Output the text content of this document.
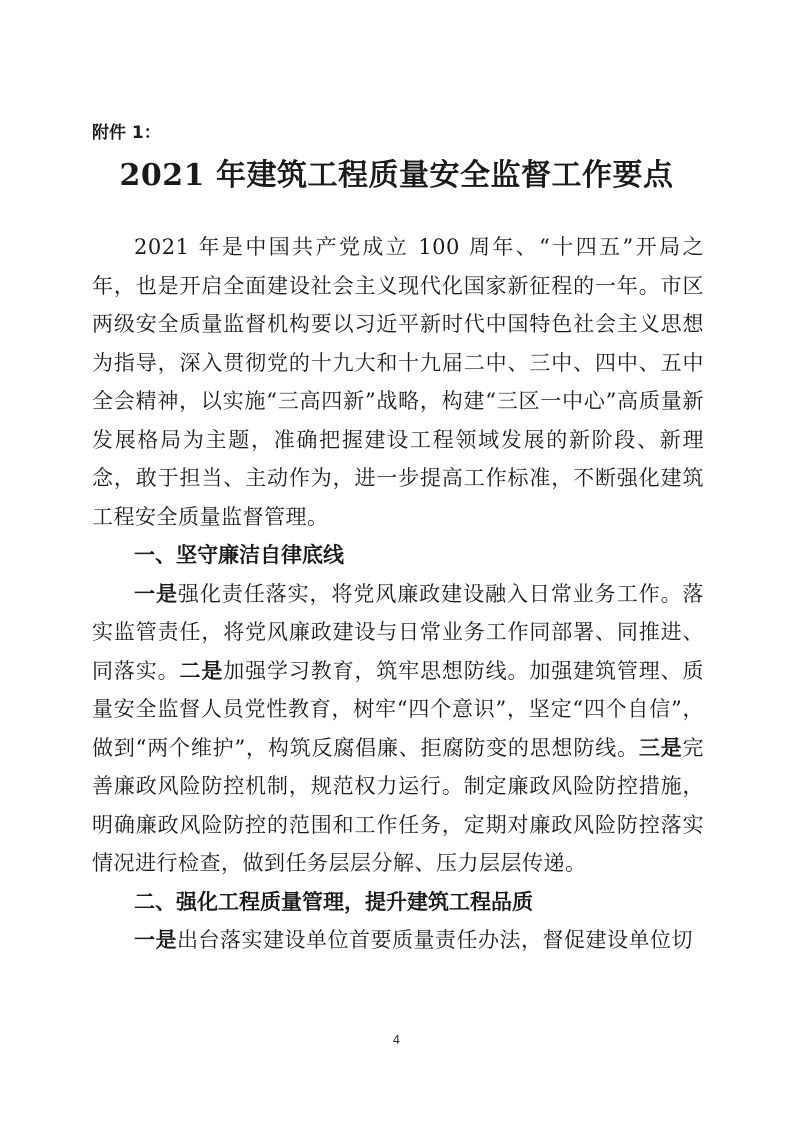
附件 1：
2021 年建筑工程质量安全监督工作要点

2021 年是中国共产党成立 100 周年、“十四五”开局之年，也是开启全面建设社会主义现代化国家新征程的一年。市区两级安全质量监督机构要以习近平新时代中国特色社会主义思想为指导，深入贯彻党的十九大和十九届二中、三中、四中、五中全会精神，以实施“三高四新”战略，构建“三区一中心”高质量新发展格局为主题，准确把握建设工程领域发展的新阶段、新理念，敢于担当、主动作为，进一步提高工作标准，不断强化建筑工程安全质量监督管理。

一、坚守廉洁自律底线

一是强化责任落实，将党风廉政建设融入日常业务工作。落实监管责任，将党风廉政建设与日常业务工作同部署、同推进、同落实。二是加强学习教育，筑牢思想防线。加强建筑管理、质量安全监督人员党性教育，树牢“四个意识”，坚定“四个自信”，做到“两个维护”，构筑反腐倡廉、拒腐防变的思想防线。三是完善廉政风险防控机制，规范权力运行。制定廉政风险防控措施，明确廉政风险防控的范围和工作任务，定期对廉政风险防控落实情况进行检查，做到任务层层分解、压力层层传递。

二、强化工程质量管理，提升建筑工程品质

一是出台落实建设单位首要质量责任办法，督促建设单位切

4
